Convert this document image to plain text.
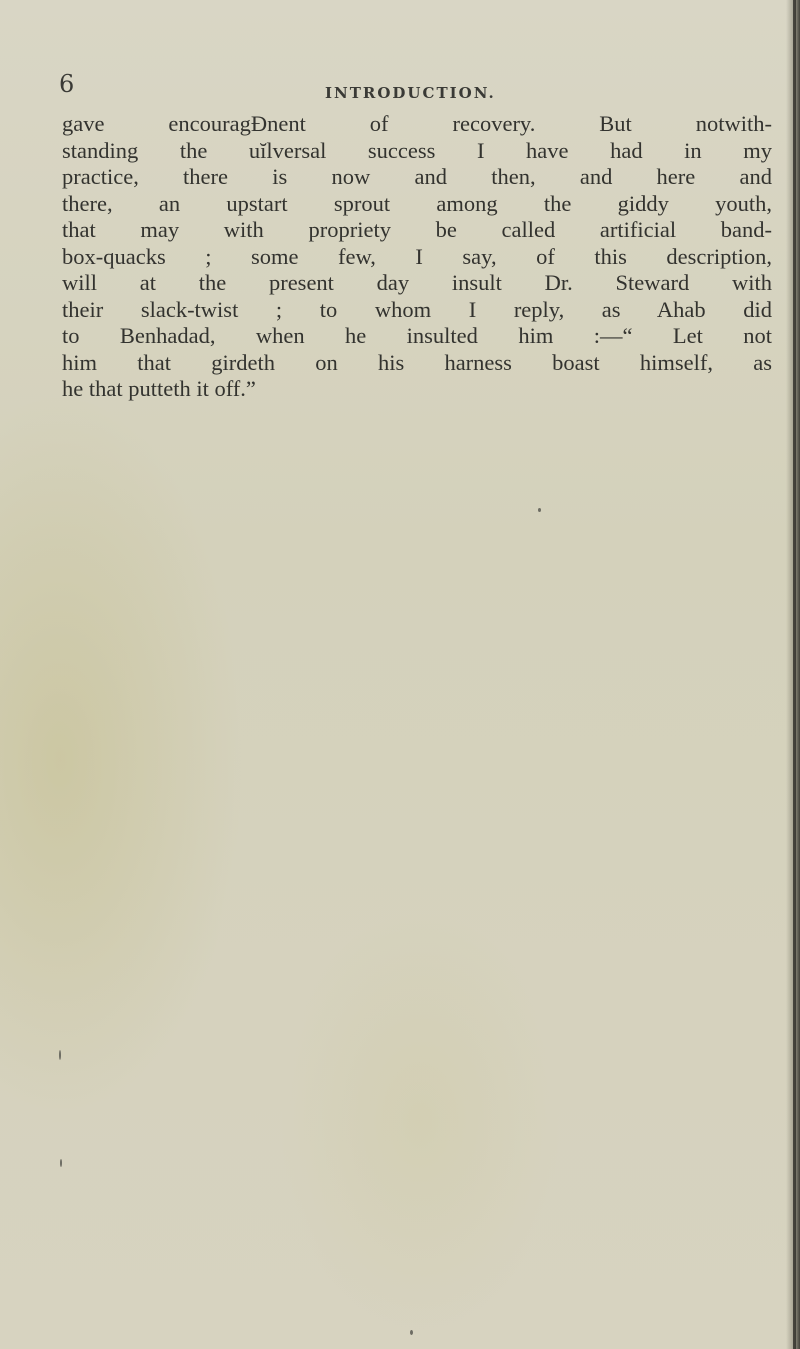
6	INTRODUCTION.

gave encouragƉnent of recovery. But notwith-
standing the uĭlversal success I have had in my
practice, there is now and then, and here and
there, an upstart sprout among the giddy youth,
that may with propriety be called artificial band-
box-quacks ; some few, I say, of this description,
will at the present day insult Dr. Steward with
their slack-twist ; to whom I reply, as Ahab did
to Benhadad, when he insulted him :—“ Let not
him that girdeth on his harness boast himself, as
he that putteth it off.”
